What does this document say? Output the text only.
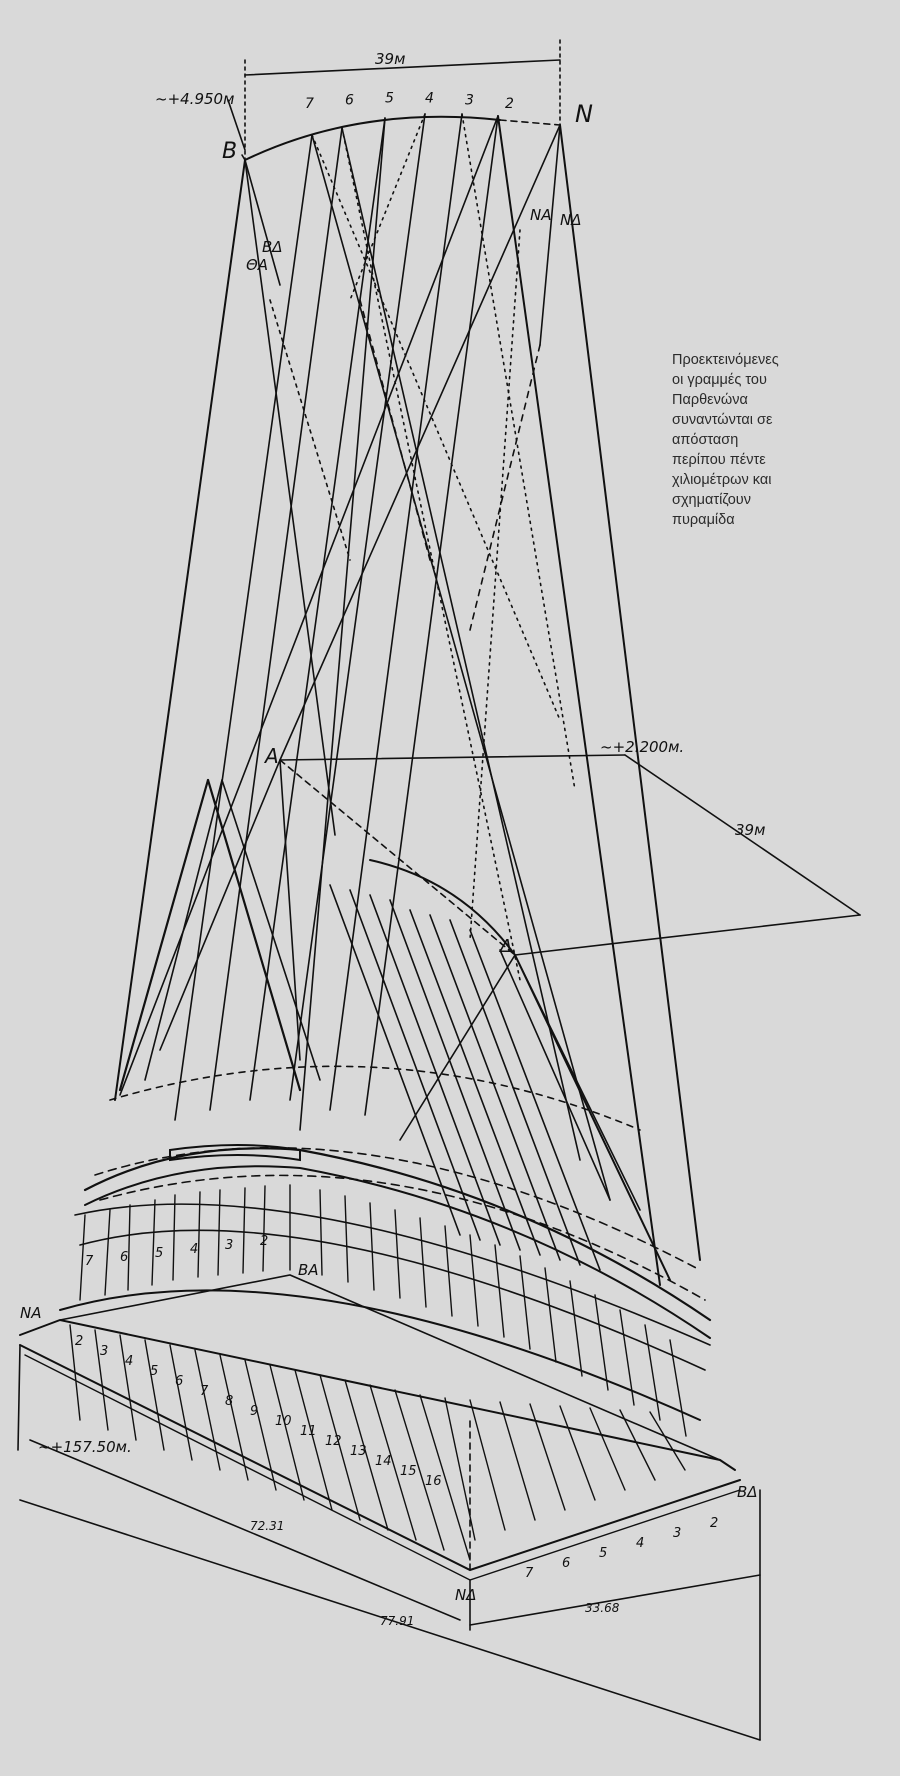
39м
~+4.950м
B
N
BΔ
ΘΑ
NA NΔ
~+2.200м.
39м
A
Δ
NA
BA
NΔ
BΔ
~+157.50м.
72.31
77.91
33.68
7 6 5 4 3 2
7 6 5 4 3 2
2
3
4
5
6
7
8
9
10
11
12
13
14
15
16
7
6
5
4
3
2
Προεκτεινόμενες
οι γραμμές του
Παρθενώνα
συναντώνται σε
απόσταση
περίπου πέντε
χιλιομέτρων και
σχηματίζουν
πυραμίδα
